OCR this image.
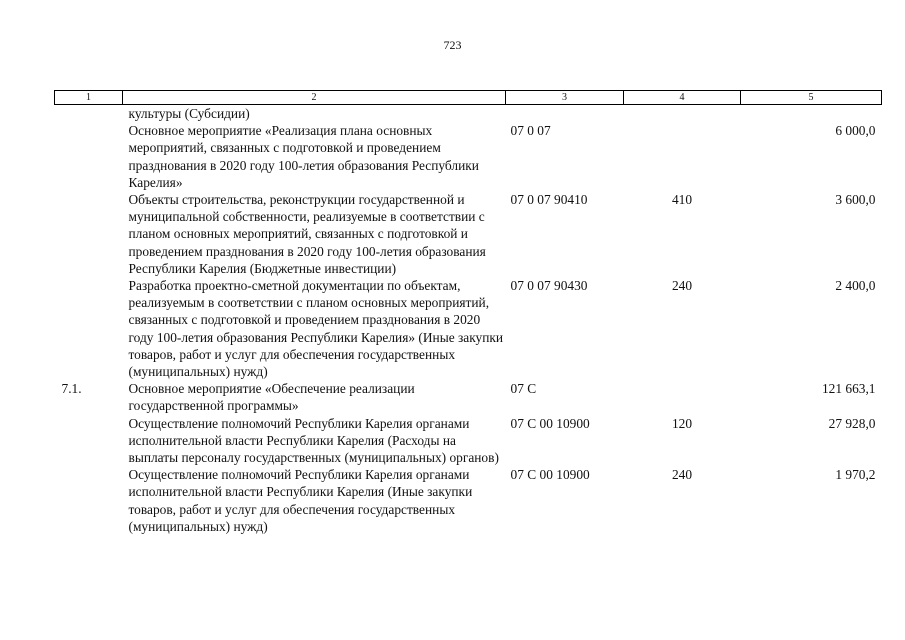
723
1	2	3	4	5
	культуры (Субсидии)			
	Основное мероприятие «Реализация плана основных мероприятий, связанных с подготовкой и проведением празднования в 2020 году 100-летия образования Республики Карелия»	07 0 07		6 000,0
	Объекты строительства, реконструкции государственной и муниципальной собственности, реализуемые в соответствии с планом основных мероприятий, связанных с подготовкой и проведением празднования в 2020 году 100-летия образования Республики Карелия (Бюджетные инвестиции)	07 0 07 90410	410	3 600,0
	Разработка проектно-сметной документации по объектам, реализуемым в соответствии с планом основных мероприятий, связанных с подготовкой и проведением празднования в 2020 году 100-летия образования Республики Карелия» (Иные закупки товаров, работ и услуг для обеспечения государственных (муниципальных) нужд)	07 0 07 90430	240	2 400,0
7.1.	Основное мероприятие «Обеспечение реализации государственной программы»	07 С		121 663,1
	Осуществление полномочий Республики Карелия органами исполнительной власти Республики Карелия (Расходы на выплаты персоналу государственных (муниципальных) органов)	07 С 00 10900	120	27 928,0
	Осуществление полномочий Республики Карелия органами исполнительной власти Республики Карелия (Иные закупки товаров, работ и услуг для обеспечения государственных (муниципальных) нужд)	07 С 00 10900	240	1 970,2
